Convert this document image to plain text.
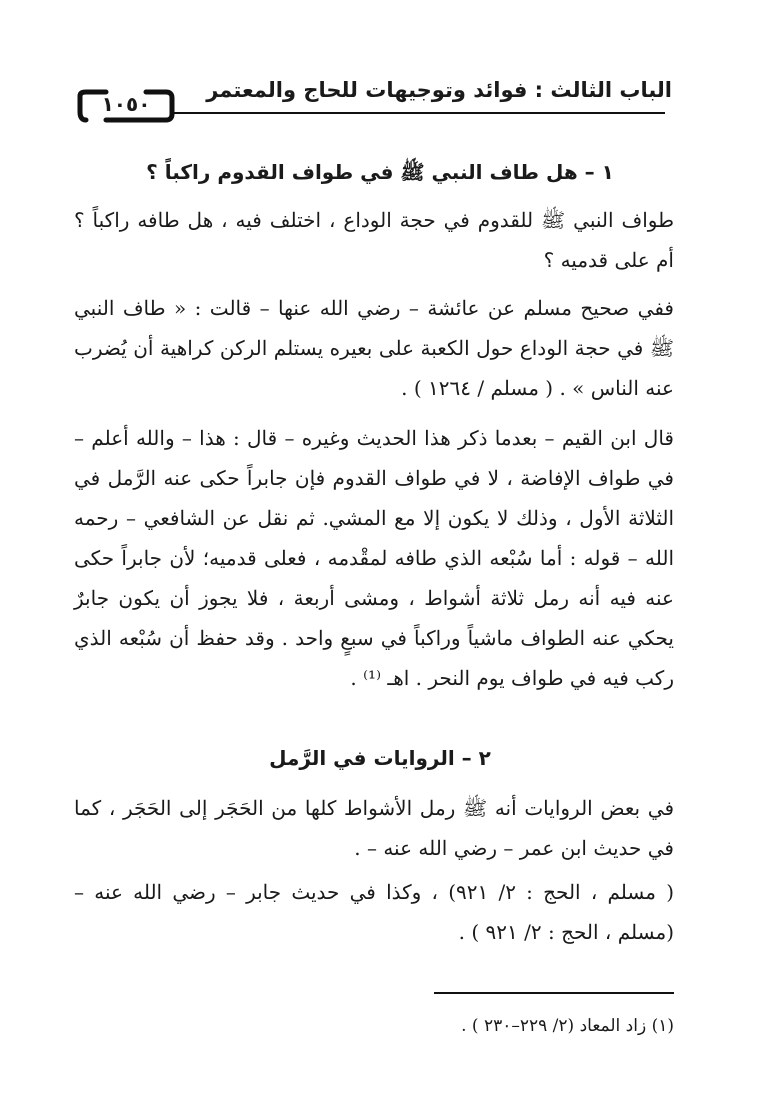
الباب الثالث : فوائد وتوجيهات للحاج والمعتمر
١٠٥٠
١ – هل طاف النبي ﷺ في طواف القدوم راكباً ؟
طواف النبي ﷺ للقدوم في حجة الوداع ، اختلف فيه ، هل طافه راكباً ؟ أم على قدميه ؟
ففي صحيح مسلم عن عائشة – رضي الله عنها – قالت : « طاف النبي ﷺ في حجة الوداع حول الكعبة على بعيره يستلم الركن كراهية أن يُضرب عنه الناس » . ( مسلم / ١٢٦٤ ) .
قال ابن القيم – بعدما ذكر هذا الحديث وغيره – قال : هذا – والله أعلم – في طواف الإفاضة ، لا في طواف القدوم فإن جابراً حكى عنه الرَّمل في الثلاثة الأول ، وذلك لا يكون إلا مع المشي. ثم نقل عن الشافعي – رحمه الله – قوله : أما سُبْعه الذي طافه لمقْدمه ، فعلى قدميه؛ لأن جابراً حكى عنه فيه أنه رمل ثلاثة أشواط ، ومشى أربعة ، فلا يجوز أن يكون جابرٌ يحكي عنه الطواف ماشياً وراكباً في سبعٍ واحد . وقد حفظ أن سُبْعه الذي ركب فيه في طواف يوم النحر . اهـ ⁽¹⁾ .
٢ – الروايات في الرَّمل
في بعض الروايات أنه ﷺ رمل الأشواط كلها من الحَجَر إلى الحَجَر ، كما في حديث ابن عمر – رضي الله عنه – .
( مسلم ، الحج : ٢/ ٩٢١) ، وكذا في حديث جابر – رضي الله عنه – (مسلم ، الحج : ٢/ ٩٢١ ) .
(١) زاد المعاد (٢/ ٢٢٩–٢٣٠ ) .
